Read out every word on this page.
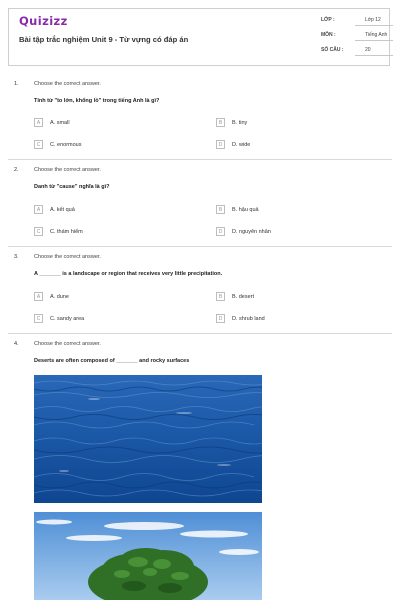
Quizizz
Bài tập trắc nghiệm Unit 9 - Từ vựng có đáp án
LỚP :	Lớp 12
MÔN :	Tiếng Anh
SỐ CÂU :	20
1.	Choose the correct answer.
Tính từ "to lớn, khổng lồ" trong tiếng Anh là gì?
A	A. small	B	B. tiny
C	C. enormous	D	D. wide
2.	Choose the correct answer.
Danh từ "cause" nghĩa là gì?
A	A. kết quả	B	B. hậu quả
C	C. thám hiểm	D	D. nguyên nhân
3.	Choose the correct answer.
A _______ is a landscape or region that receives very little precipitation.
A	A. dune	B	B. desert
C	C. sandy area	D	D. shrub land
4.	Choose the correct answer.
Deserts are often composed of _______ and rocky surfaces
